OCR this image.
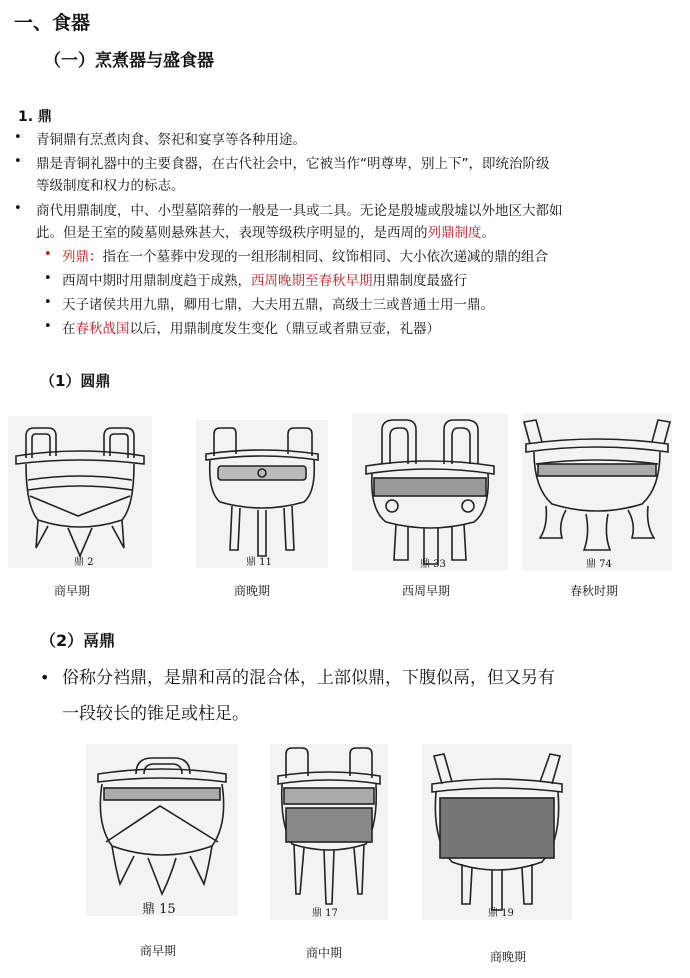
一、食器
（一）烹煮器与盛食器
1. 鼎
• 青铜鼎有烹煮肉食、祭祀和宴享等各种用途。
• 鼎是青铜礼器中的主要食器，在古代社会中，它被当作“明尊卑，别上下”，即统治阶级
等级制度和权力的标志。
• 商代用鼎制度，中、小型墓陪葬的一般是一具或二具。无论是殷墟或殷墟以外地区大都如
此。但是王室的陵墓则悬殊甚大，表现等级秩序明显的，是西周的列鼎制度。
• 列鼎：指在一个墓葬中发现的一组形制相同、纹饰相同、大小依次递减的鼎的组合
• 西周中期时用鼎制度趋于成熟，西周晚期至春秋早期用鼎制度最盛行
• 天子诸侯共用九鼎，卿用七鼎，大夫用五鼎，高级士三或普通士用一鼎。
• 在春秋战国以后，用鼎制度发生变化（鼎豆或者鼎豆壶，礼器）
（1）圆鼎
鼎 2	鼎 11	鼎 33	鼎 74
商早期	商晚期	西周早期	春秋时期
（2）鬲鼎
• 俗称分裆鼎，是鼎和鬲的混合体，上部似鼎，下腹似鬲，但又另有
一段较长的锥足或柱足。
鼎 15	鼎 17	鼎 19
商早期	商中期	商晚期
